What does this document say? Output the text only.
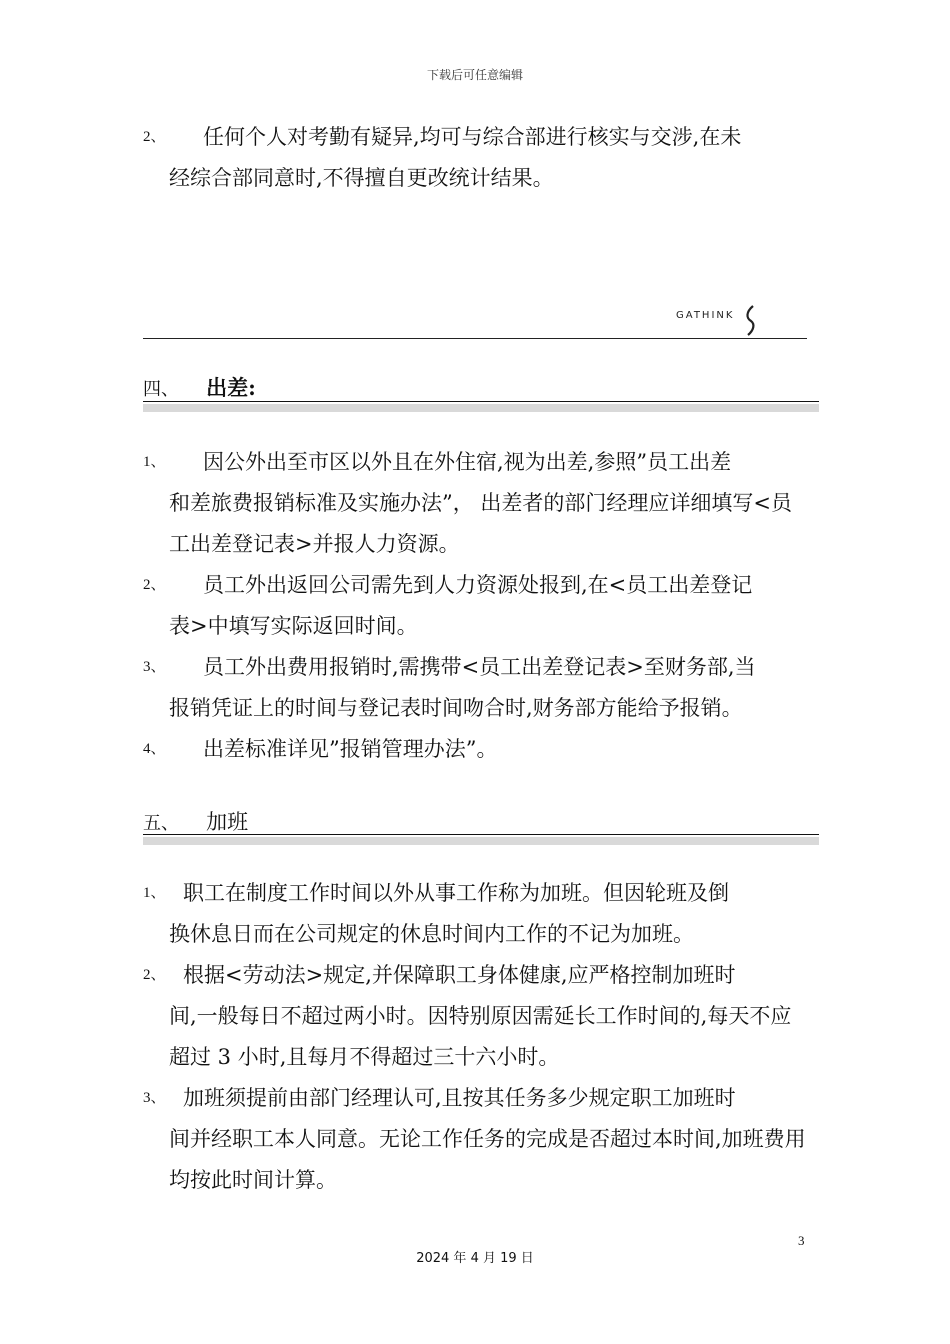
下载后可任意编辑
2、	任何个人对考勤有疑异,均可与综合部进行核实与交涉,在未
经综合部同意时,不得擅自更改统计结果。
GATHINK
四、 出差:
1、	因公外出至市区以外且在外住宿,视为出差,参照”员工出差
和差旅费报销标准及实施办法”， 出差者的部门经理应详细填写<员工出差登记表>并报人力资源。
2、	员工外出返回公司需先到人力资源处报到,在<员工出差登记
表>中填写实际返回时间。
3、	员工外出费用报销时,需携带<员工出差登记表>至财务部,当
报销凭证上的时间与登记表时间吻合时,财务部方能给予报销。
4、	出差标准详见”报销管理办法”。
五、 加班
1、 职工在制度工作时间以外从事工作称为加班。但因轮班及倒
换休息日而在公司规定的休息时间内工作的不记为加班。
2、 根据<劳动法>规定,并保障职工身体健康,应严格控制加班时
间,一般每日不超过两小时。因特别原因需延长工作时间的,每天不应超过 3 小时,且每月不得超过三十六小时。
3、 加班须提前由部门经理认可,且按其任务多少规定职工加班时
间并经职工本人同意。无论工作任务的完成是否超过本时间,加班费用均按此时间计算。
3
2024 年 4 月 19 日
